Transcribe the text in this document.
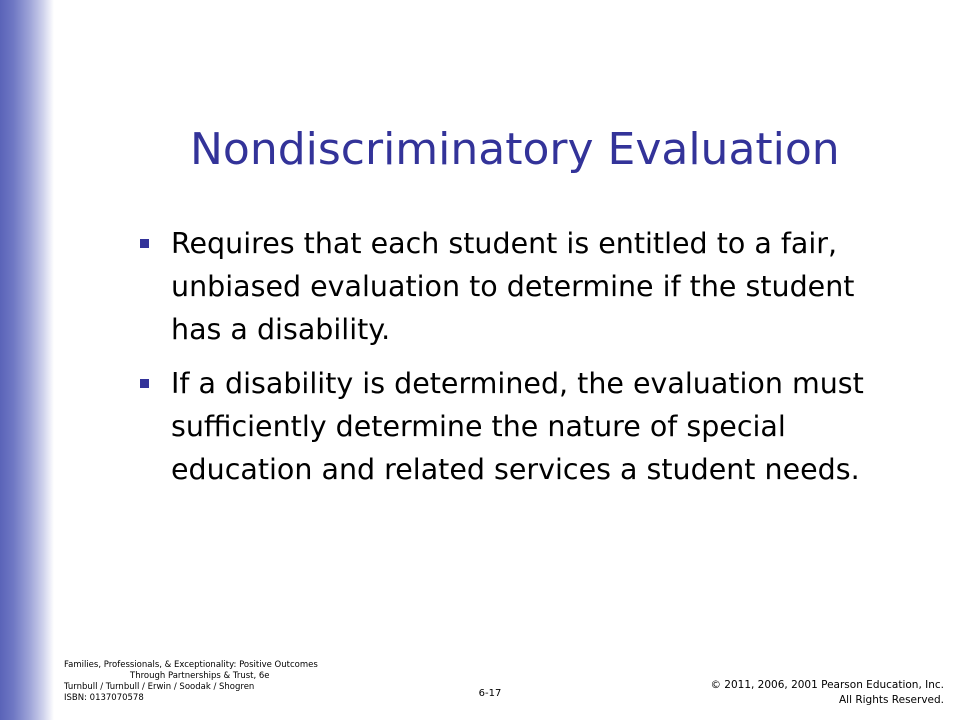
Nondiscriminatory Evaluation
Requires that each student is entitled to a fair, unbiased evaluation to determine if the student has a disability.
If a disability is determined, the evaluation must sufficiently determine the nature of special education and related services a student needs.
Families, Professionals, & Exceptionality: Positive Outcomes
Through Partnerships & Trust, 6e
Turnbull / Turnbull / Erwin / Soodak / Shogren
ISBN: 0137070578	6-17
© 2011, 2006, 2001 Pearson Education, Inc.
All Rights Reserved.
